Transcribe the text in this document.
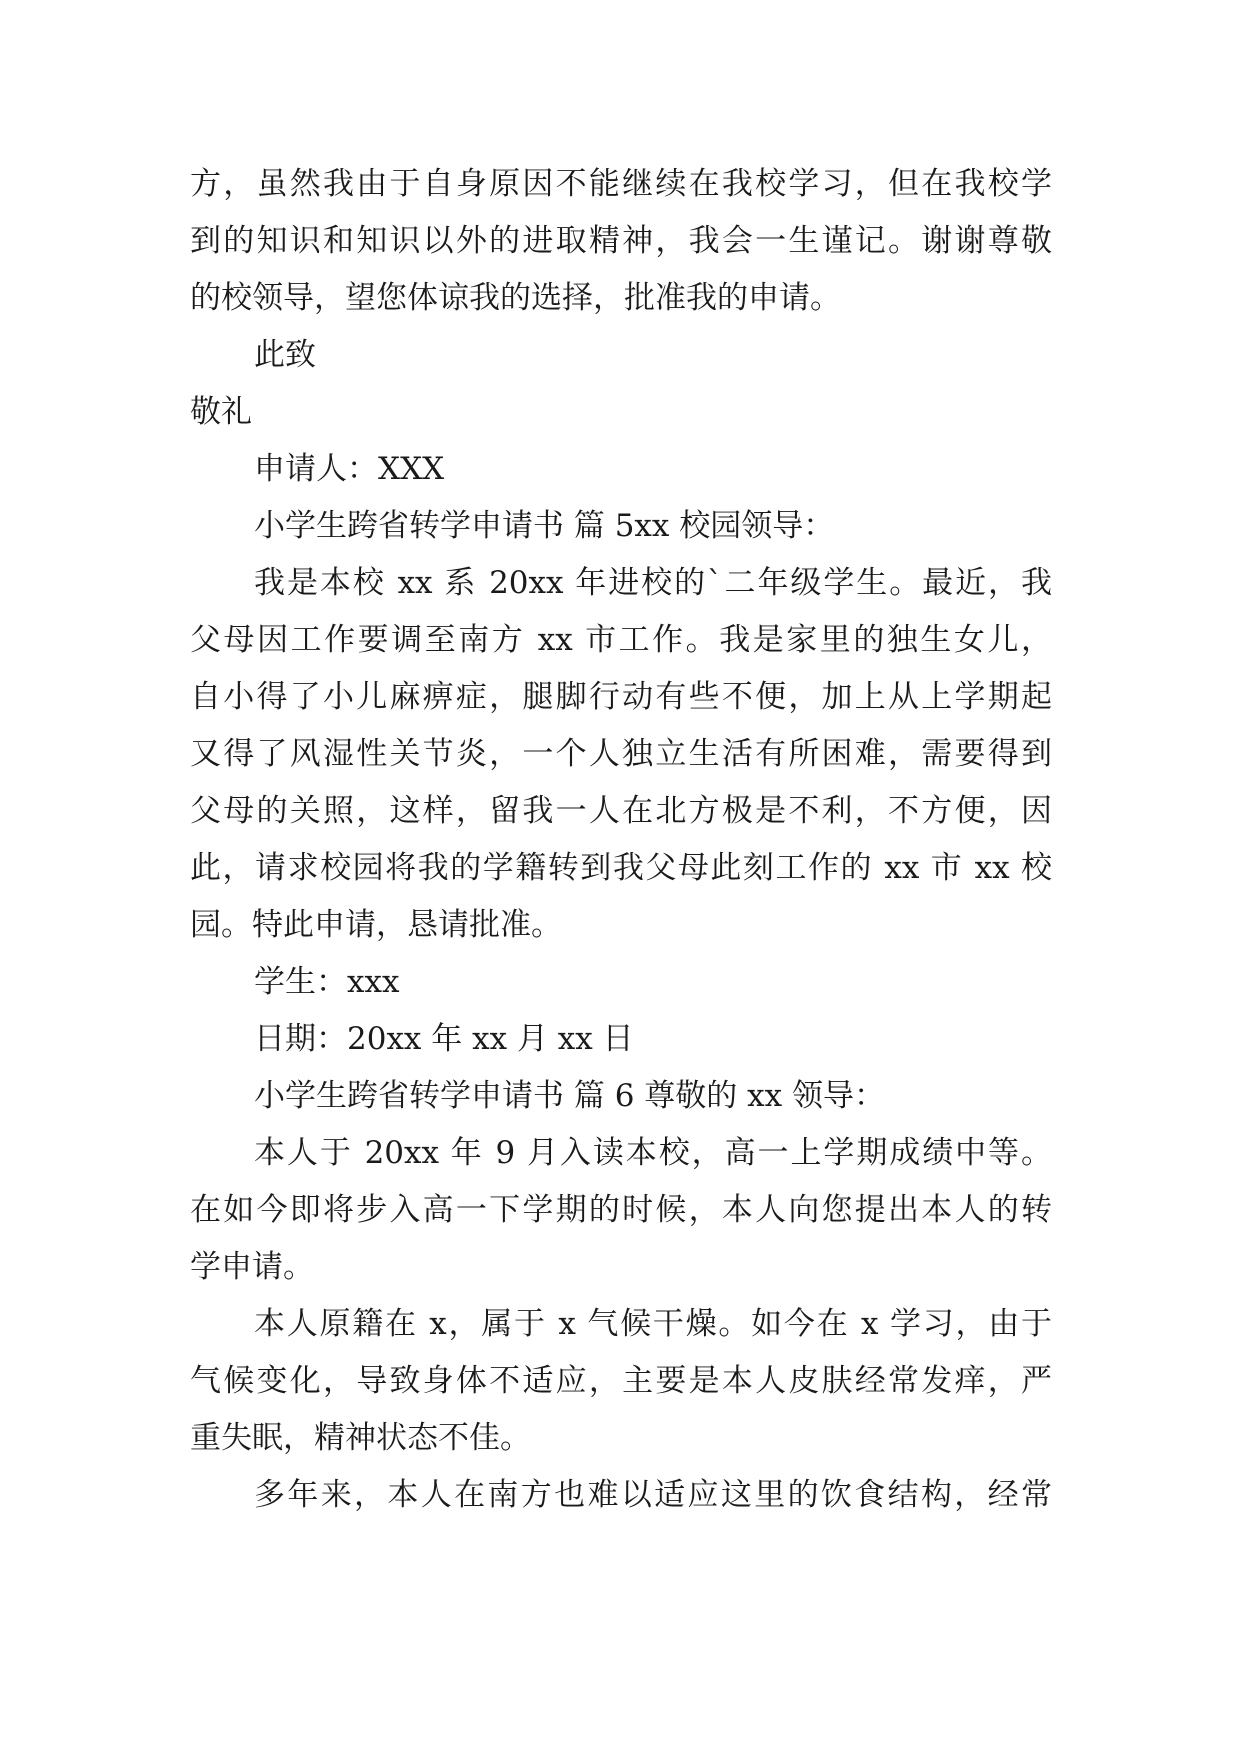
方，虽然我由于自身原因不能继续在我校学习，但在我校学
到的知识和知识以外的进取精神，我会一生谨记。谢谢尊敬
的校领导，望您体谅我的选择，批准我的申请。
此致
敬礼
申请人：XXX
小学生跨省转学申请书 篇 5xx 校园领导：
我是本校 xx 系 20xx 年进校的`二年级学生。最近，我
父母因工作要调至南方 xx 市工作。我是家里的独生女儿，
自小得了小儿麻痹症，腿脚行动有些不便，加上从上学期起
又得了风湿性关节炎，一个人独立生活有所困难，需要得到
父母的关照，这样，留我一人在北方极是不利，不方便，因
此，请求校园将我的学籍转到我父母此刻工作的 xx 市 xx 校
园。特此申请，恳请批准。
学生：xxx
日期：20xx 年 xx 月 xx 日
小学生跨省转学申请书 篇 6 尊敬的 xx 领导：
本人于 20xx 年 9 月入读本校，高一上学期成绩中等。
在如今即将步入高一下学期的时候，本人向您提出本人的转
学申请。
本人原籍在 x，属于 x 气候干燥。如今在 x 学习，由于
气候变化，导致身体不适应，主要是本人皮肤经常发痒，严
重失眠，精神状态不佳。
多年来，本人在南方也难以适应这里的饮食结构，经常
